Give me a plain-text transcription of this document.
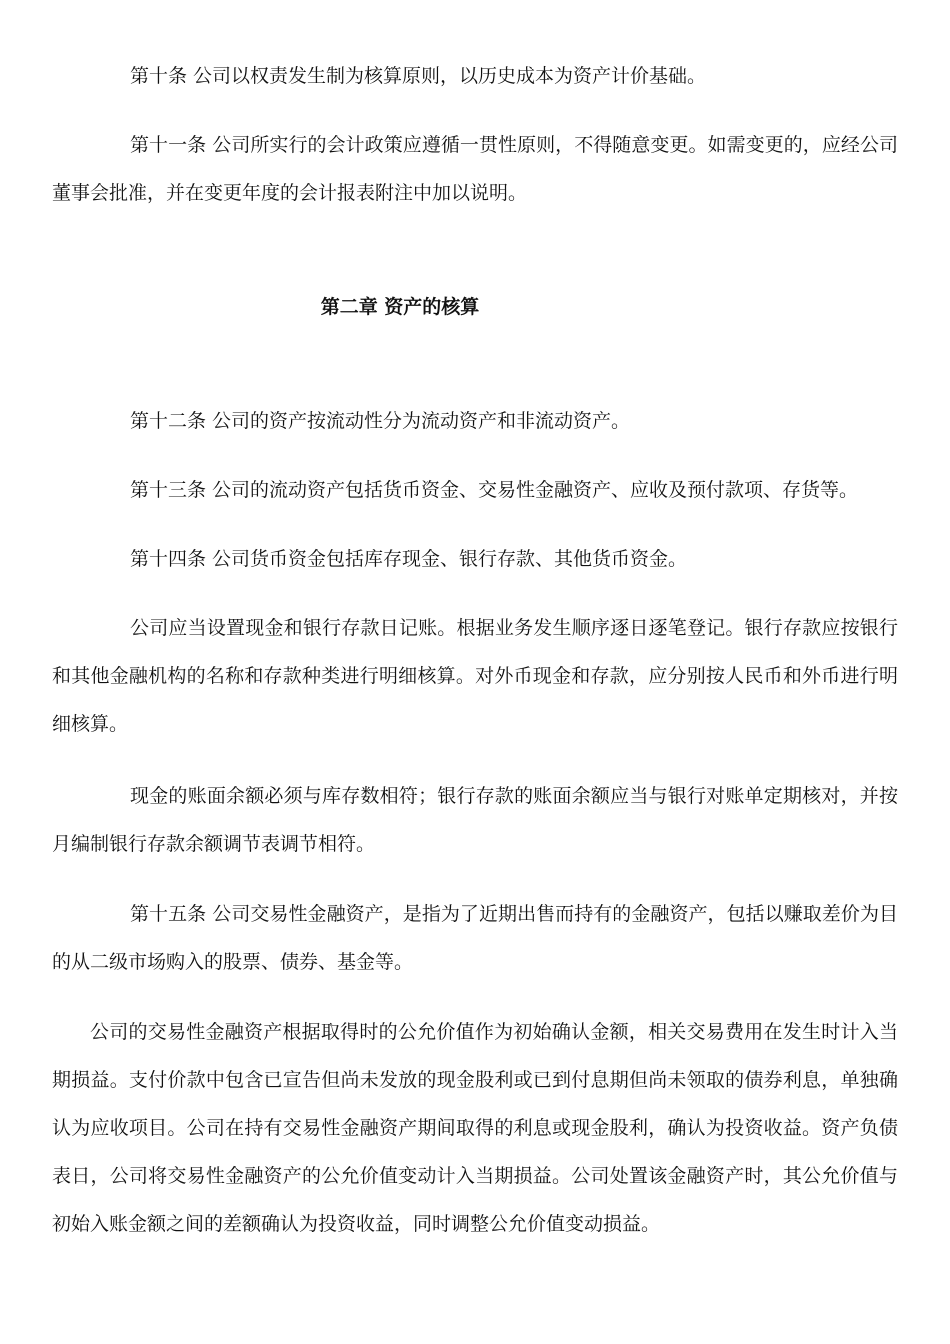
第十条 公司以权责发生制为核算原则，以历史成本为资产计价基础。

第十一条 公司所实行的会计政策应遵循一贯性原则，不得随意变更。如需变更的，应经公司董事会批准，并在变更年度的会计报表附注中加以说明。

第二章 资产的核算

第十二条 公司的资产按流动性分为流动资产和非流动资产。

第十三条 公司的流动资产包括货币资金、交易性金融资产、应收及预付款项、存货等。

第十四条 公司货币资金包括库存现金、银行存款、其他货币资金。

公司应当设置现金和银行存款日记账。根据业务发生顺序逐日逐笔登记。银行存款应按银行和其他金融机构的名称和存款种类进行明细核算。对外币现金和存款，应分别按人民币和外币进行明细核算。

现金的账面余额必须与库存数相符；银行存款的账面余额应当与银行对账单定期核对，并按月编制银行存款余额调节表调节相符。

第十五条 公司交易性金融资产，是指为了近期出售而持有的金融资产，包括以赚取差价为目的从二级市场购入的股票、债券、基金等。

公司的交易性金融资产根据取得时的公允价值作为初始确认金额，相关交易费用在发生时计入当期损益。支付价款中包含已宣告但尚未发放的现金股利或已到付息期但尚未领取的债券利息，单独确认为应收项目。公司在持有交易性金融资产期间取得的利息或现金股利，确认为投资收益。资产负债表日，公司将交易性金融资产的公允价值变动计入当期损益。公司处置该金融资产时，其公允价值与初始入账金额之间的差额确认为投资收益，同时调整公允价值变动损益。
